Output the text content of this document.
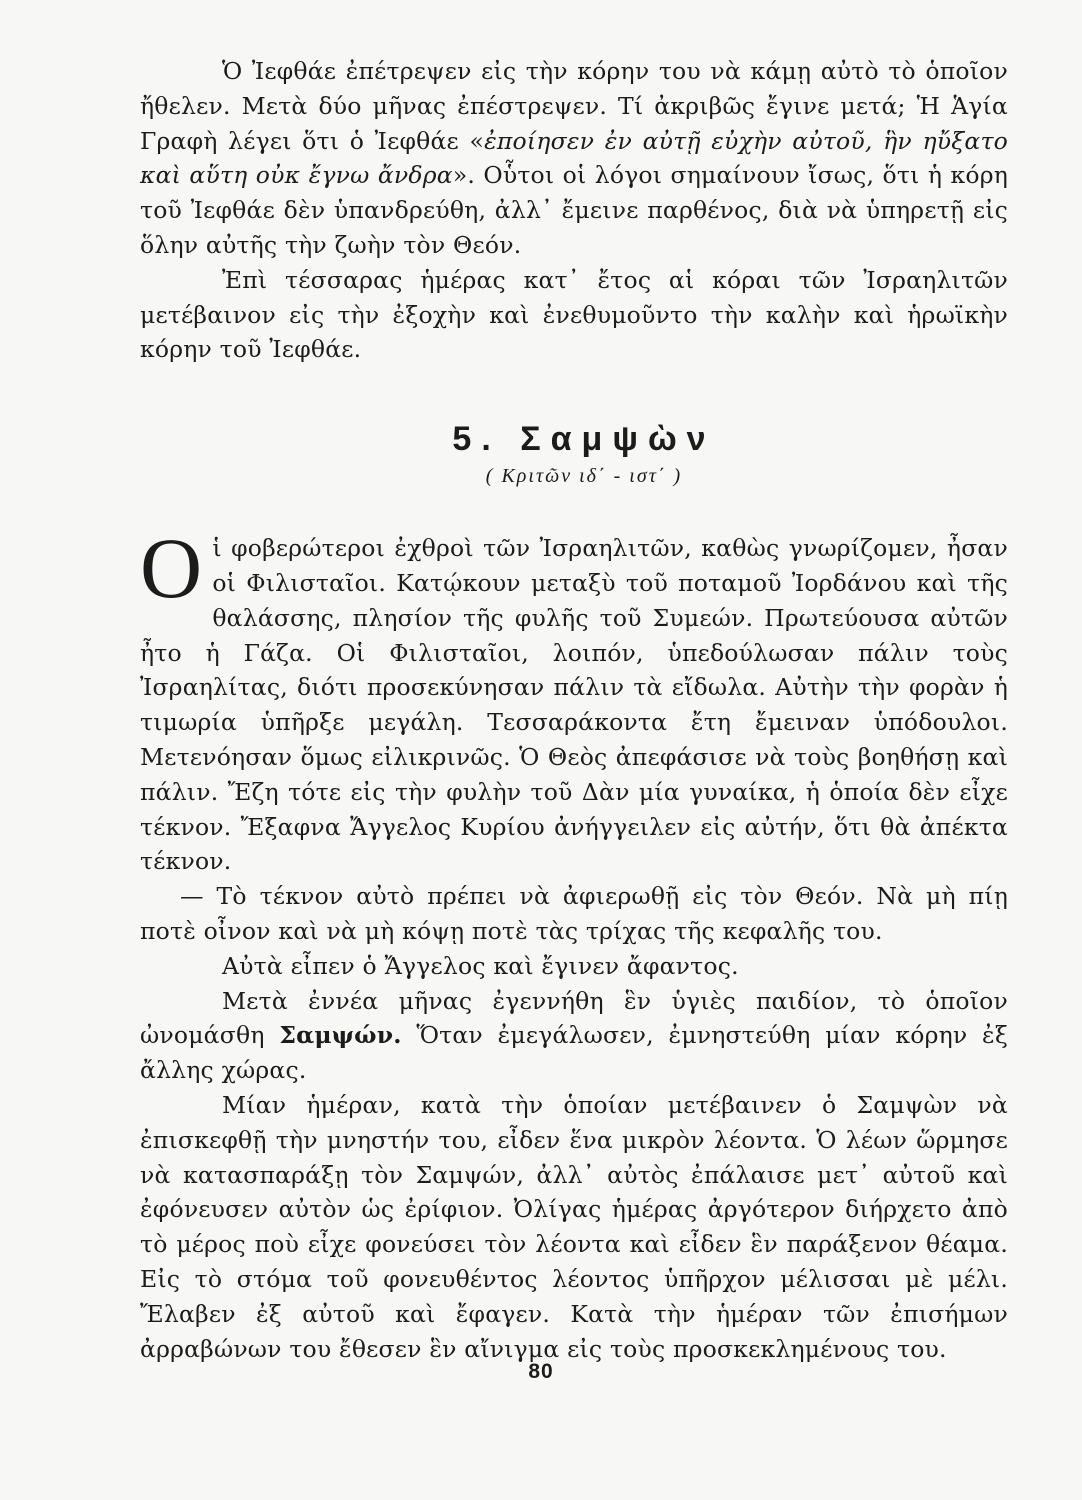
Ὁ Ἰεφθάε ἐπέτρεψεν εἰς τὴν κόρην του νὰ κάμῃ αὐτὸ τὸ ὁποῖον ἤθελεν. Μετὰ δύο μῆνας ἐπέστρεψεν. Τί ἀκριβῶς ἔγινε μετά; Ἡ Ἁγία Γραφὴ λέγει ὅτι ὁ Ἰεφθάε «ἐποίησεν ἐν αὐτῇ εὐχὴν αὐτοῦ, ἣν ηὔξατο καὶ αὕτη οὐκ ἔγνω ἄνδρα». Οὗτοι οἱ λόγοι σημαίνουν ἴσως, ὅτι ἡ κόρη τοῦ Ἰεφθάε δὲν ὑπανδρεύθη, ἀλλ᾽ ἔμεινε παρθένος, διὰ νὰ ὑπηρετῇ εἰς ὅλην αὐτῆς τὴν ζωὴν τὸν Θεόν.

Ἐπὶ τέσσαρας ἡμέρας κατ᾽ ἔτος αἱ κόραι τῶν Ἰσραηλιτῶν μετέβαινον εἰς τὴν ἐξοχὴν καὶ ἐνεθυμοῦντο τὴν καλὴν καὶ ἡρωϊκὴν κόρην τοῦ Ἰεφθάε.

5. Σαμψὼν

( Κριτῶν ιδ΄ - ιστ΄ )

Oἱ φοβερώτεροι ἐχθροὶ τῶν Ἰσραηλιτῶν, καθὼς γνωρίζομεν, ἦσαν οἱ Φιλισταῖοι. Κατῴκουν μεταξὺ τοῦ ποταμοῦ Ἰορδάνου καὶ τῆς θαλάσσης, πλησίον τῆς φυλῆς τοῦ Συμεών. Πρωτεύουσα αὐτῶν ἦτο ἡ Γάζα. Οἱ Φιλισταῖοι, λοιπόν, ὑπεδούλωσαν πάλιν τοὺς Ἰσραηλίτας, διότι προσεκύνησαν πάλιν τὰ εἴδωλα. Αὐτὴν τὴν φορὰν ἡ τιμωρία ὑπῆρξε μεγάλη. Τεσσαράκοντα ἔτη ἔμειναν ὑπόδουλοι. Μετενόησαν ὅμως εἰλικρινῶς. Ὁ Θεὸς ἀπεφάσισε νὰ τοὺς βοηθήσῃ καὶ πάλιν. Ἔζη τότε εἰς τὴν φυλὴν τοῦ Δὰν μία γυναίκα, ἡ ὁποία δὲν εἶχε τέκνον. Ἔξαφνα Ἄγγελος Κυρίου ἀνήγγειλεν εἰς αὐτήν, ὅτι θὰ ἀπέκτα τέκνον.

— Τὸ τέκνον αὐτὸ πρέπει νὰ ἀφιερωθῇ εἰς τὸν Θεόν. Νὰ μὴ πίῃ ποτὲ οἶνον καὶ νὰ μὴ κόψῃ ποτὲ τὰς τρίχας τῆς κεφαλῆς του.

Αὐτὰ εἶπεν ὁ Ἄγγελος καὶ ἔγινεν ἄφαντος.

Μετὰ ἐννέα μῆνας ἐγεννήθη ἓν ὑγιὲς παιδίον, τὸ ὁποῖον ὠνομάσθη Σαμψών. Ὅταν ἐμεγάλωσεν, ἐμνηστεύθη μίαν κόρην ἐξ ἄλλης χώρας.

Μίαν ἡμέραν, κατὰ τὴν ὁποίαν μετέβαινεν ὁ Σαμψὼν νὰ ἐπισκεφθῇ τὴν μνηστήν του, εἶδεν ἕνα μικρὸν λέοντα. Ὁ λέων ὥρμησε νὰ κατασπαράξῃ τὸν Σαμψών, ἀλλ᾽ αὐτὸς ἐπάλαισε μετ᾽ αὐτοῦ καὶ ἐφόνευσεν αὐτὸν ὡς ἐρίφιον. Ὀλίγας ἡμέρας ἀργότερον διήρχετο ἀπὸ τὸ μέρος ποὺ εἶχε φονεύσει τὸν λέοντα καὶ εἶδεν ἓν παράξενον θέαμα. Εἰς τὸ στόμα τοῦ φονευθέντος λέοντος ὑπῆρχον μέλισσαι μὲ μέλι. Ἔλαβεν ἐξ αὐτοῦ καὶ ἔφαγεν. Κατὰ τὴν ἡμέραν τῶν ἐπισήμων ἀρραβώνων του ἔθεσεν ἓν αἴνιγμα εἰς τοὺς προσκεκλημένους του.

80
